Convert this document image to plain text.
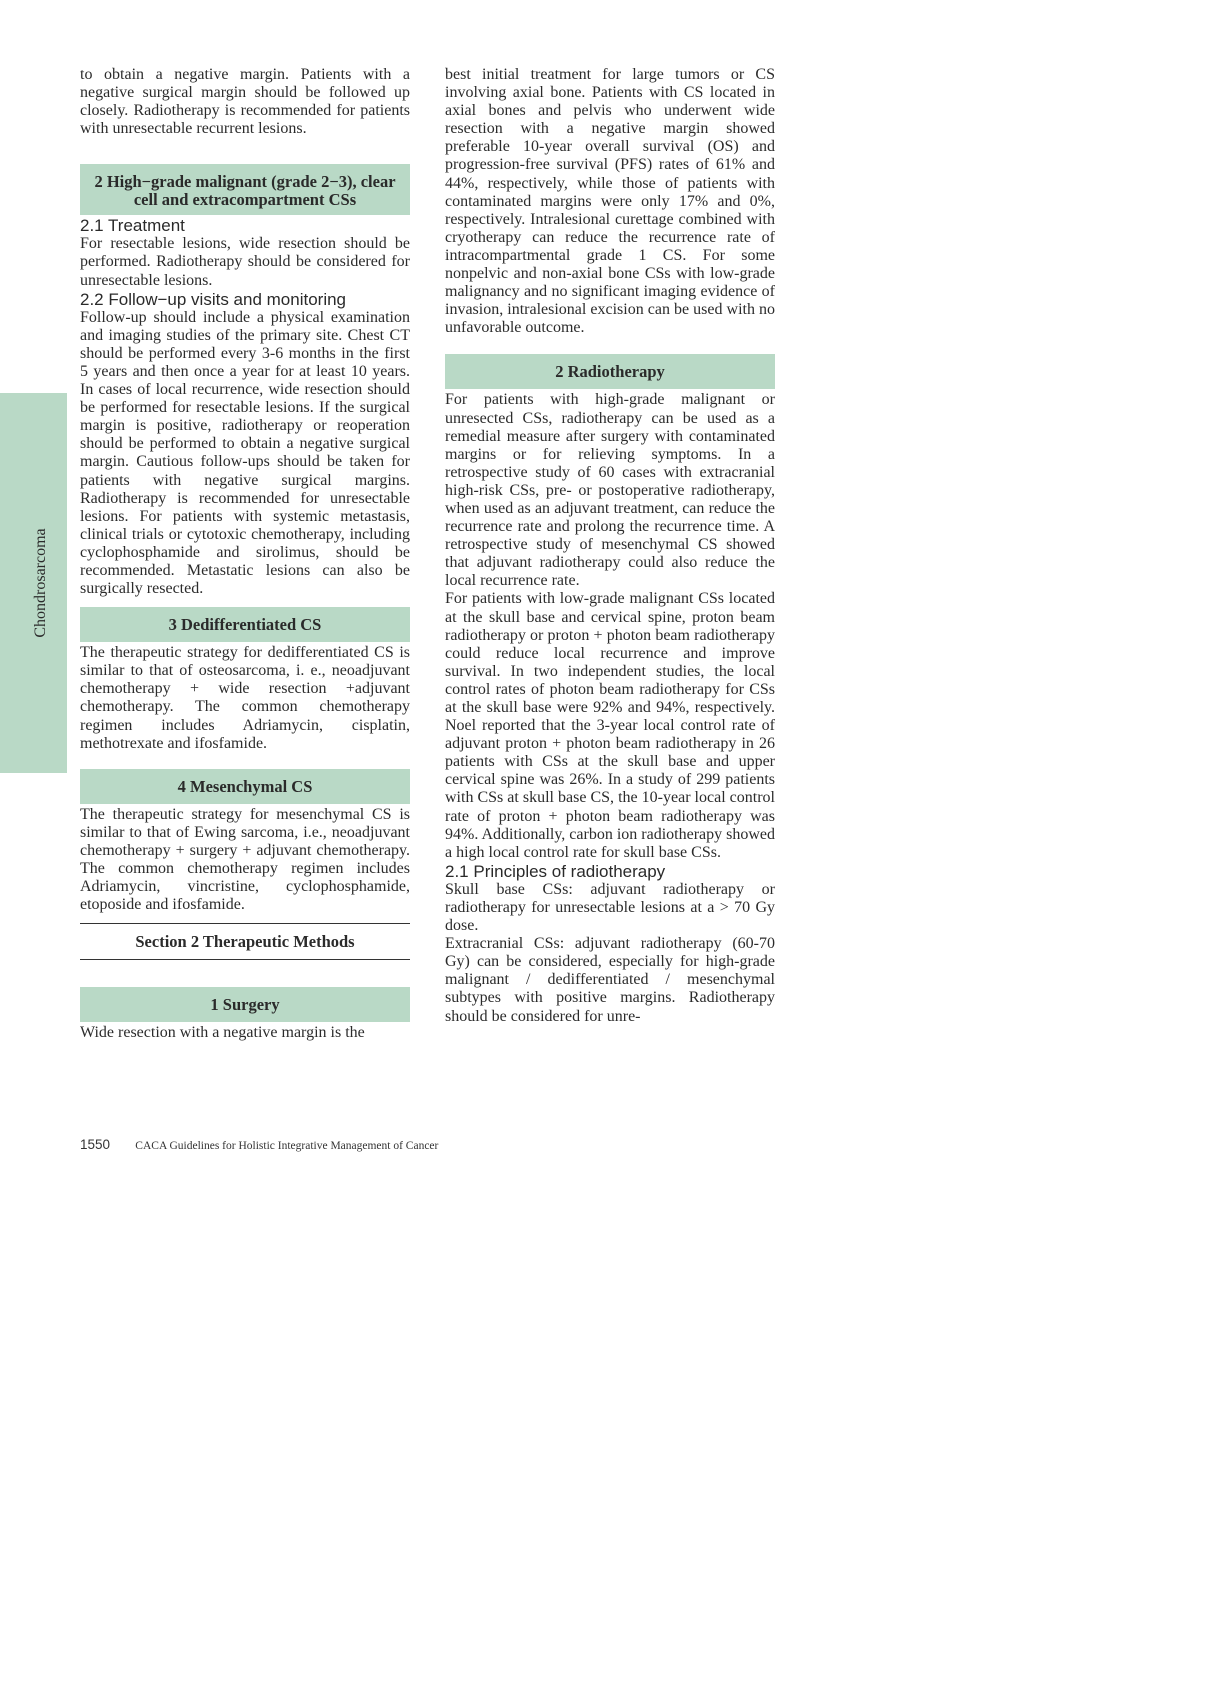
Chondrosarcoma

to obtain a negative margin. Patients with a negative surgical margin should be followed up closely. Radiotherapy is recommended for patients with unresectable recurrent lesions.

2 High−grade malignant (grade 2−3), clear cell and extracompartment CSs
2.1 Treatment

For resectable lesions, wide resection should be performed. Radiotherapy should be considered for unresectable lesions.

2.2 Follow−up visits and monitoring

Follow-up should include a physical examination and imaging studies of the primary site. Chest CT should be performed every 3-6 months in the first 5 years and then once a year for at least 10 years. In cases of local recurrence, wide resection should be performed for resectable lesions. If the surgical margin is positive, radiotherapy or reoperation should be performed to obtain a negative surgical margin. Cautious follow-ups should be taken for patients with negative surgical margins. Radiotherapy is recommended for unresectable lesions. For patients with systemic metastasis, clinical trials or cytotoxic chemotherapy, including cyclophosphamide and sirolimus, should be recommended. Metastatic lesions can also be surgically resected.

3 Dedifferentiated CS

The therapeutic strategy for dedifferentiated CS is similar to that of osteosarcoma, i. e., neoadjuvant chemotherapy + wide resection +adjuvant chemotherapy. The common chemotherapy regimen includes Adriamycin, cisplatin, methotrexate and ifosfamide.

4 Mesenchymal CS

The therapeutic strategy for mesenchymal CS is similar to that of Ewing sarcoma, i.e., neoadjuvant chemotherapy + surgery + adjuvant chemotherapy. The common chemotherapy regimen includes Adriamycin, vincristine, cyclophosphamide, etoposide and ifosfamide.

Section 2 Therapeutic Methods
1 Surgery

Wide resection with a negative margin is the

best initial treatment for large tumors or CS involving axial bone. Patients with CS located in axial bones and pelvis who underwent wide resection with a negative margin showed preferable 10-year overall survival (OS) and progression-free survival (PFS) rates of 61% and 44%, respectively, while those of patients with contaminated margins were only 17% and 0%, respectively. Intralesional curettage combined with cryotherapy can reduce the recurrence rate of intracompartmental grade 1 CS. For some nonpelvic and non-axial bone CSs with low-grade malignancy and no significant imaging evidence of invasion, intralesional excision can be used with no unfavorable outcome.

2 Radiotherapy

For patients with high-grade malignant or unresected CSs, radiotherapy can be used as a remedial measure after surgery with contaminated margins or for relieving symptoms. In a retrospective study of 60 cases with extracranial high-risk CSs, pre- or postoperative radiotherapy, when used as an adjuvant treatment, can reduce the recurrence rate and prolong the recurrence time. A retrospective study of mesenchymal CS showed that adjuvant radiotherapy could also reduce the local recurrence rate.

For patients with low-grade malignant CSs located at the skull base and cervical spine, proton beam radiotherapy or proton + photon beam radiotherapy could reduce local recurrence and improve survival. In two independent studies, the local control rates of photon beam radiotherapy for CSs at the skull base were 92% and 94%, respectively. Noel reported that the 3-year local control rate of adjuvant proton + photon beam radiotherapy in 26 patients with CSs at the skull base and upper cervical spine was 26%. In a study of 299 patients with CSs at skull base CS, the 10-year local control rate of proton + photon beam radiotherapy was 94%. Additionally, carbon ion radiotherapy showed a high local control rate for skull base CSs.

2.1 Principles of radiotherapy

Skull base CSs: adjuvant radiotherapy or radiotherapy for unresectable lesions at a > 70 Gy dose.

Extracranial CSs: adjuvant radiotherapy (60-70 Gy) can be considered, especially for high-grade malignant / dedifferentiated / mesenchymal subtypes with positive margins. Radiotherapy should be considered for unre-

1550 CACA Guidelines for Holistic Integrative Management of Cancer
